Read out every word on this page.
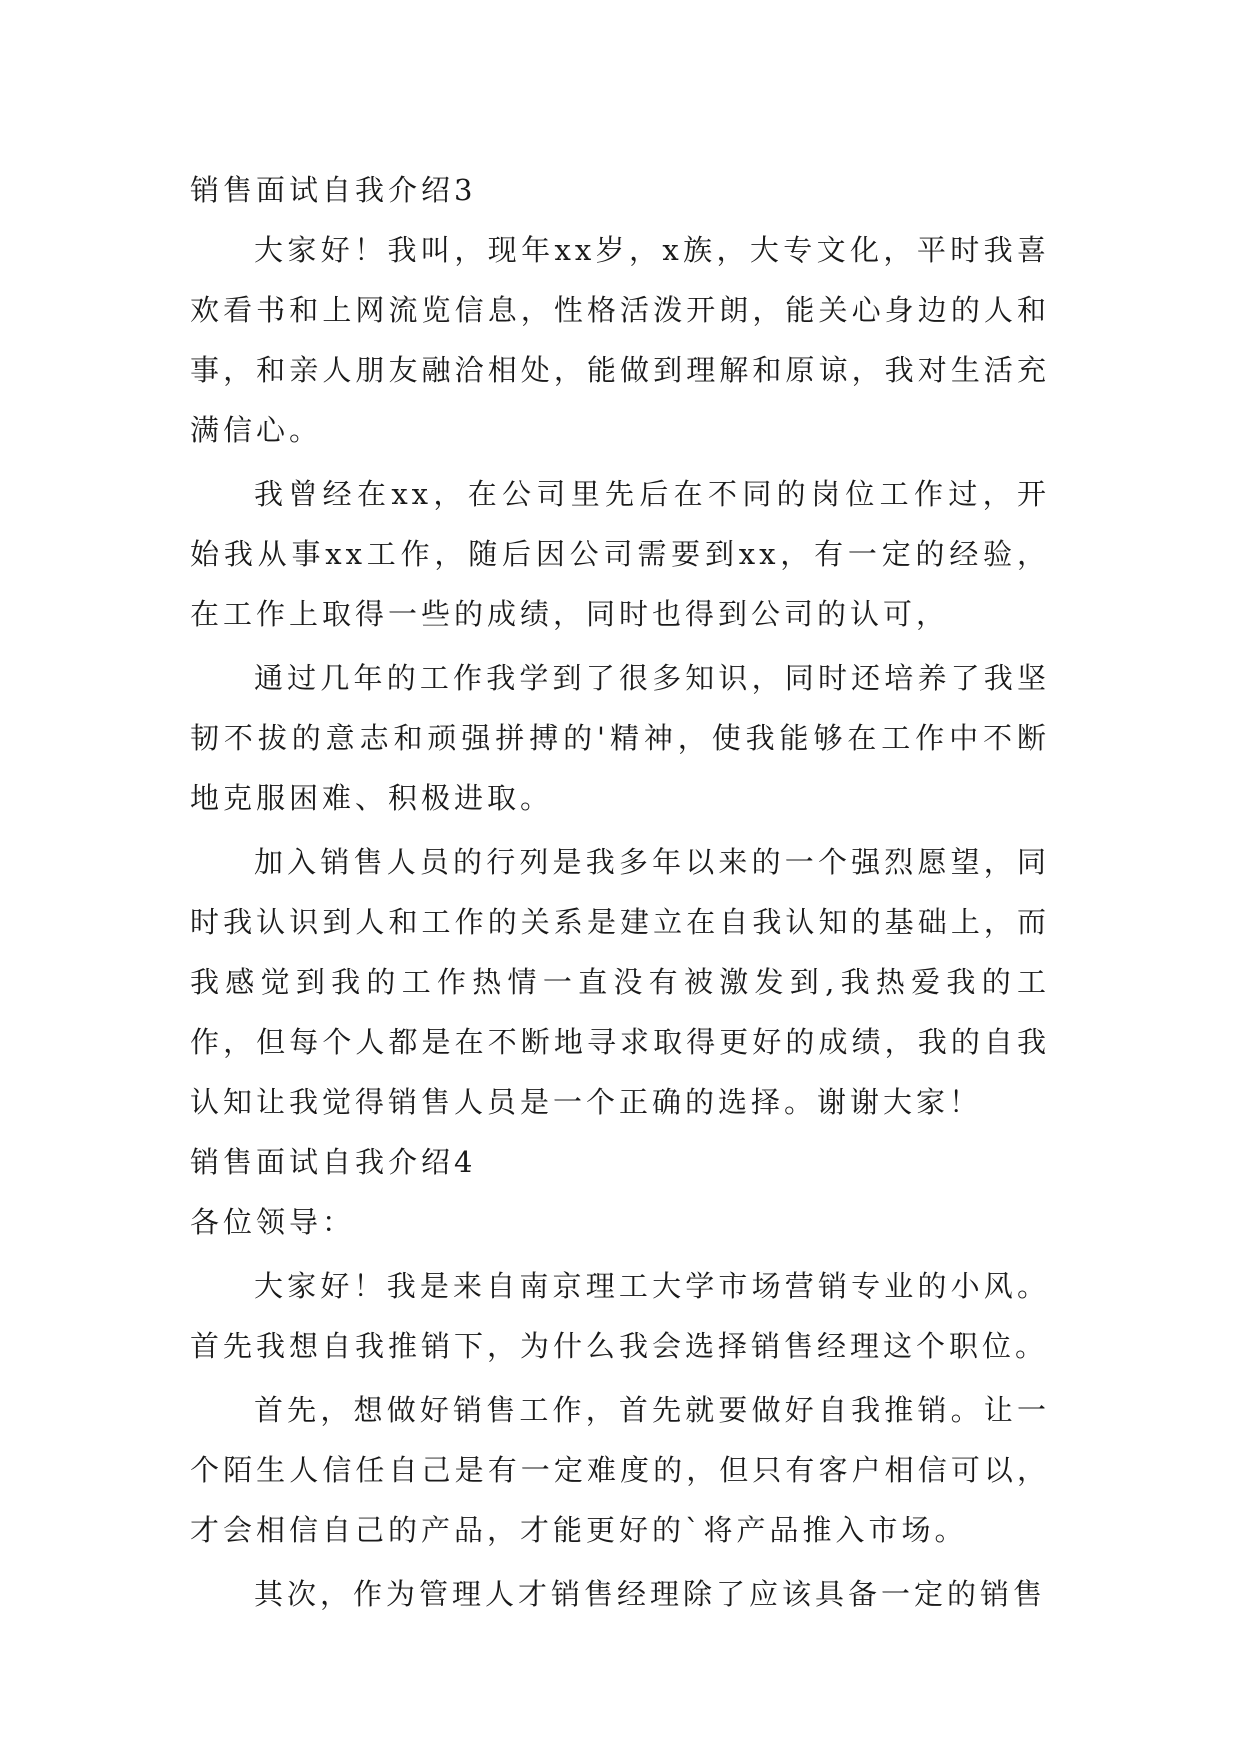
销售面试自我介绍3

大家好！我叫，现年xx岁，x族，大专文化，平时我喜欢看书和上网流览信息，性格活泼开朗，能关心身边的人和事，和亲人朋友融洽相处，能做到理解和原谅，我对生活充满信心。

我曾经在xx，在公司里先后在不同的岗位工作过，开始我从事xx工作，随后因公司需要到xx，有一定的经验，在工作上取得一些的成绩，同时也得到公司的认可，

通过几年的工作我学到了很多知识，同时还培养了我坚韧不拔的意志和顽强拼搏的'精神，使我能够在工作中不断地克服困难、积极进取。

加入销售人员的行列是我多年以来的一个强烈愿望，同时我认识到人和工作的关系是建立在自我认知的基础上，而我感觉到我的工作热情一直没有被激发到,我热爱我的工作，但每个人都是在不断地寻求取得更好的成绩，我的自我认知让我觉得销售人员是一个正确的选择。谢谢大家！

销售面试自我介绍4

各位领导：

大家好！我是来自南京理工大学市场营销专业的小风。首先我想自我推销下，为什么我会选择销售经理这个职位。

首先，想做好销售工作，首先就要做好自我推销。让一个陌生人信任自己是有一定难度的，但只有客户相信可以，才会相信自己的产品，才能更好的`将产品推入市场。

其次，作为管理人才销售经理除了应该具备一定的销售
